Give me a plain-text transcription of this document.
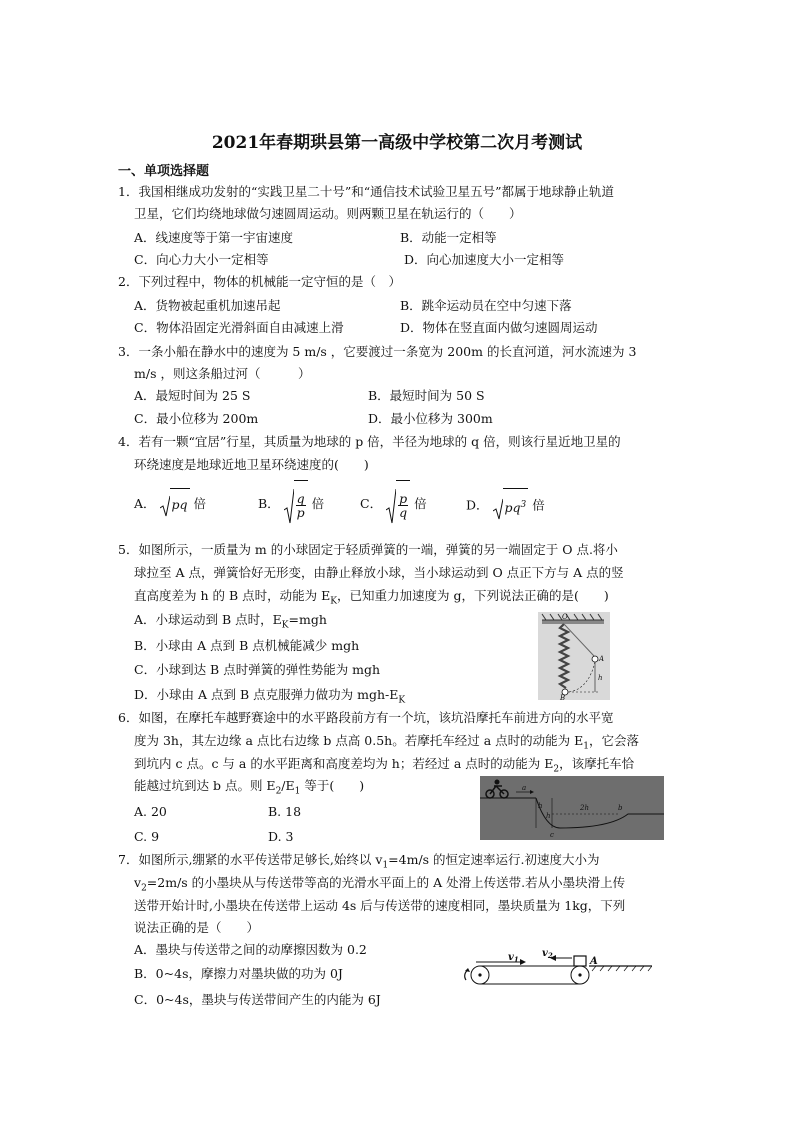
2021年春期珙县第一高级中学校第二次月考测试
一、单项选择题
1．我国相继成功发射的“实践卫星二十号”和“通信技术试验卫星五号”都属于地球静止轨道
卫星，它们均绕地球做匀速圆周运动。则两颗卫星在轨运行的（　　）
A．线速度等于第一宇宙速度	B．动能一定相等
C．向心力大小一定相等	D．向心加速度大小一定相等
2．下列过程中，物体的机械能一定守恒的是（　）
A．货物被起重机加速吊起	B．跳伞运动员在空中匀速下落
C．物体沿固定光滑斜面自由减速上滑	D．物体在竖直面内做匀速圆周运动
3．一条小船在静水中的速度为 5 m/s ，它要渡过一条宽为 200m 的长直河道，河水流速为 3
m/s ，则这条船过河（　　　）
A．最短时间为 25 S	B．最短时间为 50 S
C．最小位移为 200m	D．最小位移为 300m
4．若有一颗“宜居”行星，其质量为地球的 p 倍，半径为地球的 q 倍，则该行星近地卫星的
环绕速度是地球近地卫星环绕速度的(　　)
A． pq 倍	B． $\frac{q}{p}$ 倍	C． $\frac{p}{q}$ 倍	D． $pq^3$ 倍
5．如图所示，一质量为 m 的小球固定于轻质弹簧的一端，弹簧的另一端固定于 O 点.将小
球拉至 A 点，弹簧恰好无形变，由静止释放小球，当小球运动到 O 点正下方与 A 点的竖
直高度差为 h 的 B 点时，动能为 $E_K$，已知重力加速度为 g，下列说法正确的是(　　)
A．小球运动到 B 点时，$E_K=mgh$
B．小球由 A 点到 B 点机械能减少 mgh
C．小球到达 B 点时弹簧的弹性势能为 mgh
D．小球由 A 点到 B 点克服弹力做功为 mgh-$E_K$
O
A
B
h
6．如图，在摩托车越野赛途中的水平路段前方有一个坑，该坑沿摩托车前进方向的水平宽
度为 3h，其左边缘 a 点比右边缘 b 点高 0.5h。若摩托车经过 a 点时的动能为 $E_1$，它会落
到坑内 c 点。c 与 a 的水平距离和高度差均为 h；若经过 a 点时的动能为 $E_2$，该摩托车恰
能越过坑到达 b 点。则 $E_2/E_1$ 等于(　　)
A. 20	B. 18
C. 9	D. 3
a
h
h
2h	b
c
7．如图所示,绷紧的水平传送带足够长,始终以 $v_1=4m/s$ 的恒定速率运行.初速度大小为
$v_2=2m/s$ 的小墨块从与传送带等高的光滑水平面上的 A 处滑上传送带.若从小墨块滑上传
送带开始计时,小墨块在传送带上运动 4s 后与传送带的速度相同，墨块质量为 1kg，下列
说法正确的是（　　）
A．墨块与传送带之间的动摩擦因数为 0.2
B．0~4s，摩擦力对墨块做的功为 0J
C．0~4s，墨块与传送带间产生的内能为 6J
$v_1$
$v_2$
A
